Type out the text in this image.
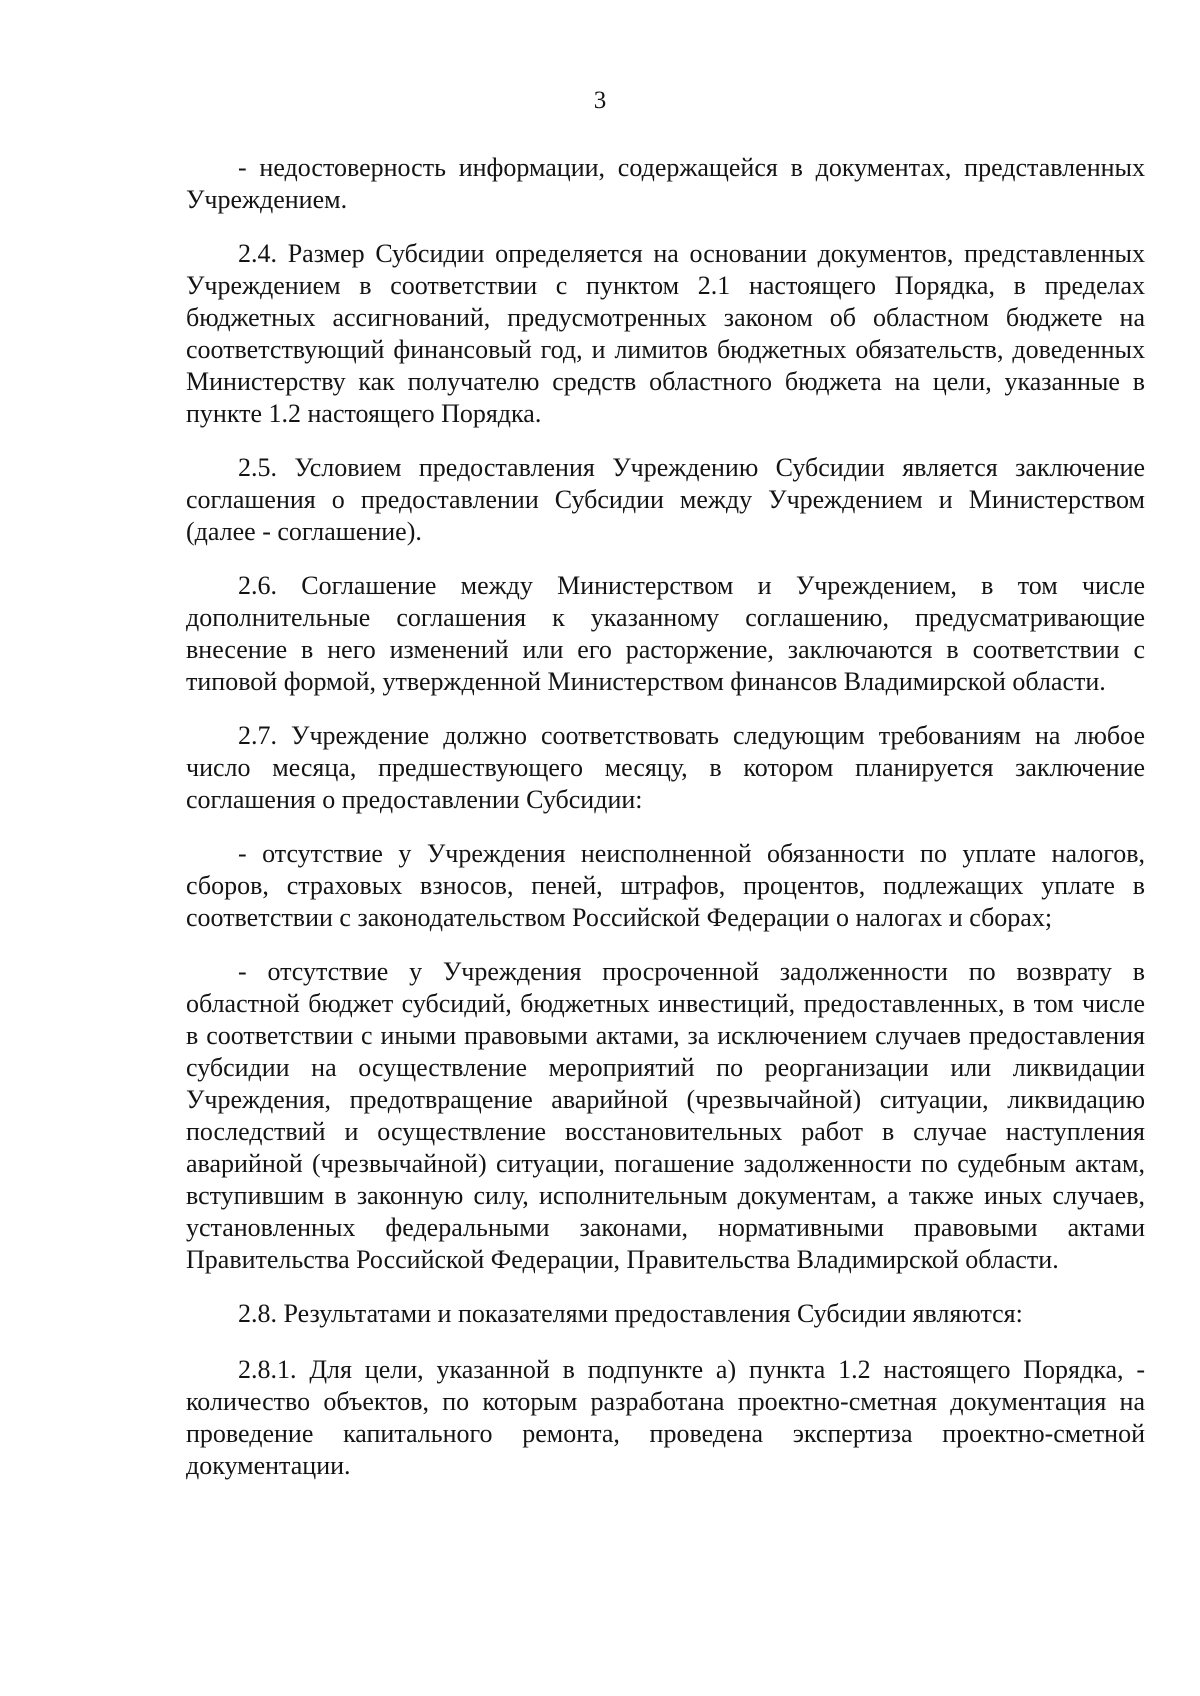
3

- недостоверность информации, содержащейся в документах, представленных Учреждением.

2.4. Размер Субсидии определяется на основании документов, представленных Учреждением в соответствии с пунктом 2.1 настоящего Порядка, в пределах бюджетных ассигнований, предусмотренных законом об областном бюджете на соответствующий финансовый год, и лимитов бюджетных обязательств, доведенных Министерству как получателю средств областного бюджета на цели, указанные в пункте 1.2 настоящего Порядка.

2.5. Условием предоставления Учреждению Субсидии является заключение соглашения о предоставлении Субсидии между Учреждением и Министерством (далее - соглашение).

2.6. Соглашение между Министерством и Учреждением, в том числе дополнительные соглашения к указанному соглашению, предусматривающие внесение в него изменений или его расторжение, заключаются в соответствии с типовой формой, утвержденной Министерством финансов Владимирской области.

2.7. Учреждение должно соответствовать следующим требованиям на любое число месяца, предшествующего месяцу, в котором планируется заключение соглашения о предоставлении Субсидии:

- отсутствие у Учреждения неисполненной обязанности по уплате налогов, сборов, страховых взносов, пеней, штрафов, процентов, подлежащих уплате в соответствии с законодательством Российской Федерации о налогах и сборах;

- отсутствие у Учреждения просроченной задолженности по возврату в областной бюджет субсидий, бюджетных инвестиций, предоставленных, в том числе в соответствии с иными правовыми актами, за исключением случаев предоставления субсидии на осуществление мероприятий по реорганизации или ликвидации Учреждения, предотвращение аварийной (чрезвычайной) ситуации, ликвидацию последствий и осуществление восстановительных работ в случае наступления аварийной (чрезвычайной) ситуации, погашение задолженности по судебным актам, вступившим в законную силу, исполнительным документам, а также иных случаев, установленных федеральными законами, нормативными правовыми актами Правительства Российской Федерации, Правительства Владимирской области.

2.8. Результатами и показателями предоставления Субсидии являются:

2.8.1. Для цели, указанной в подпункте а) пункта 1.2 настоящего Порядка, - количество объектов, по которым разработана проектно-сметная документация на проведение капитального ремонта, проведена экспертиза проектно-сметной документации.
